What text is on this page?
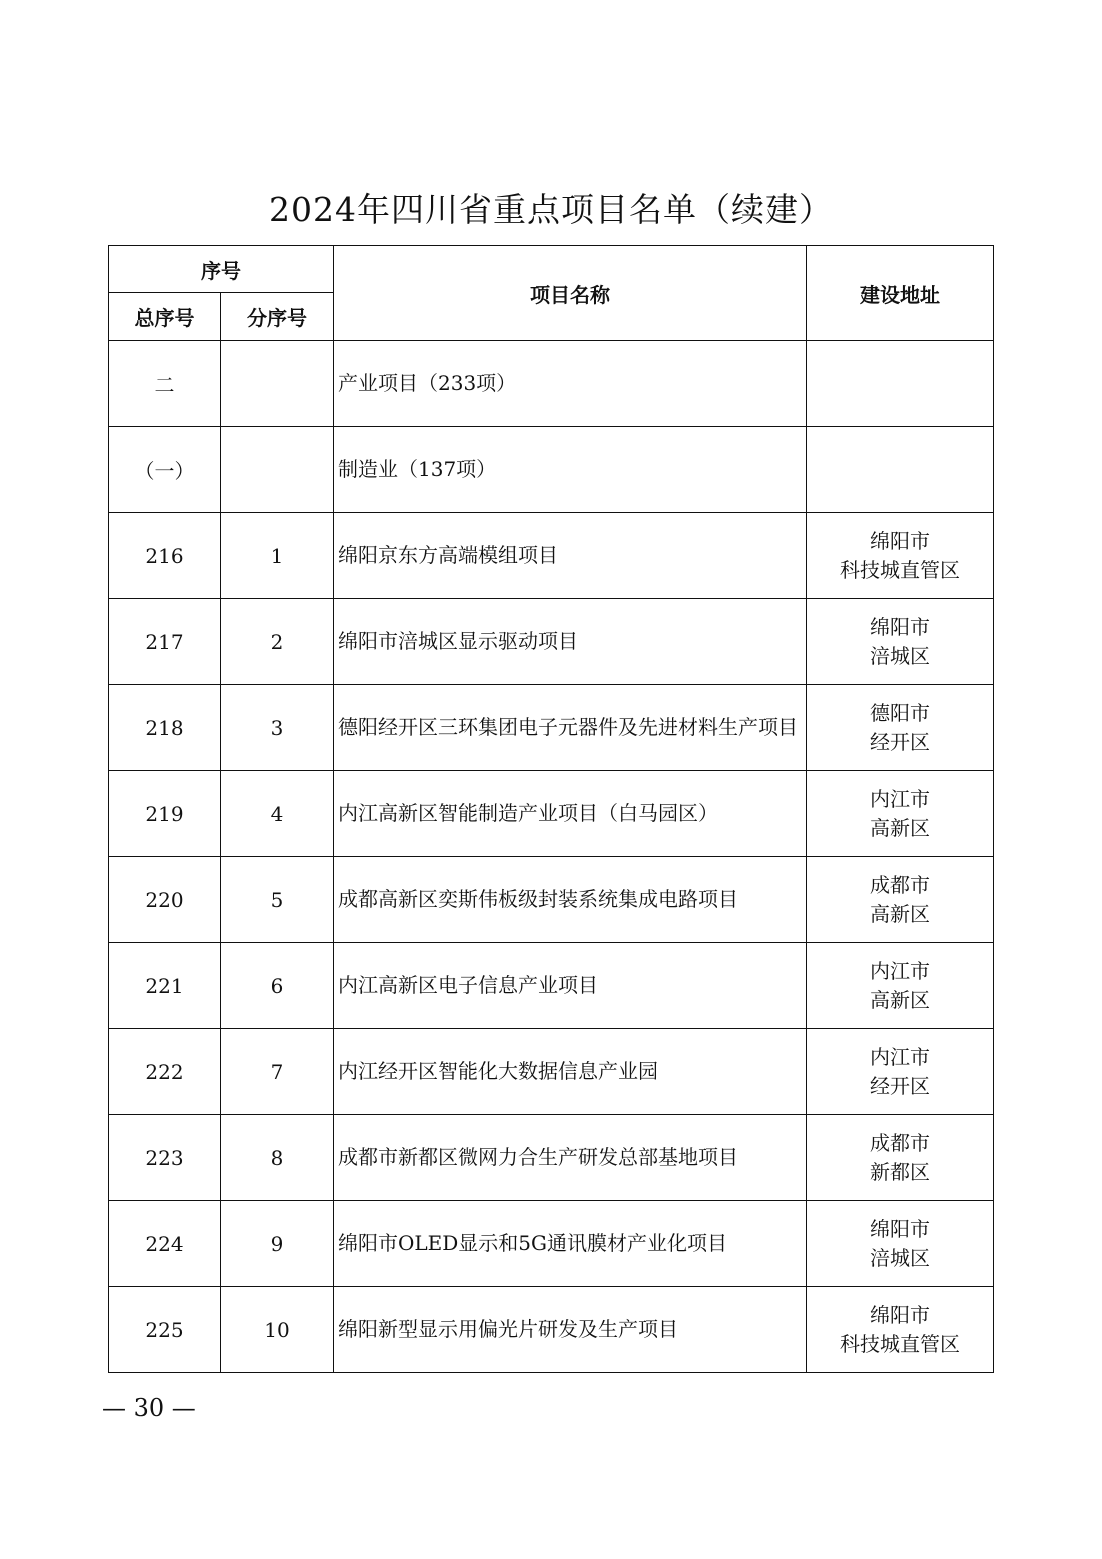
2024年四川省重点项目名单（续建）
序号		项目名称	建设地址
总序号	分序号		
二		产业项目（233项）	
（一）		制造业（137项）	
216	1	绵阳京东方高端模组项目	绵阳市
科技城直管区

217	2	绵阳市涪城区显示驱动项目	绵阳市
涪城区

218	3	德阳经开区三环集团电子元器件及先进材料生产项目	德阳市
经开区

219	4	内江高新区智能制造产业项目（白马园区）	内江市
高新区

220	5	成都高新区奕斯伟板级封装系统集成电路项目	成都市
高新区

221	6	内江高新区电子信息产业项目	内江市
高新区

222	7	内江经开区智能化大数据信息产业园	内江市
经开区

223	8	成都市新都区微网力合生产研发总部基地项目	成都市
新都区

224	9	绵阳市OLED显示和5G通讯膜材产业化项目	绵阳市
涪城区

225	10	绵阳新型显示用偏光片研发及生产项目	绵阳市
科技城直管区
— 30 —
